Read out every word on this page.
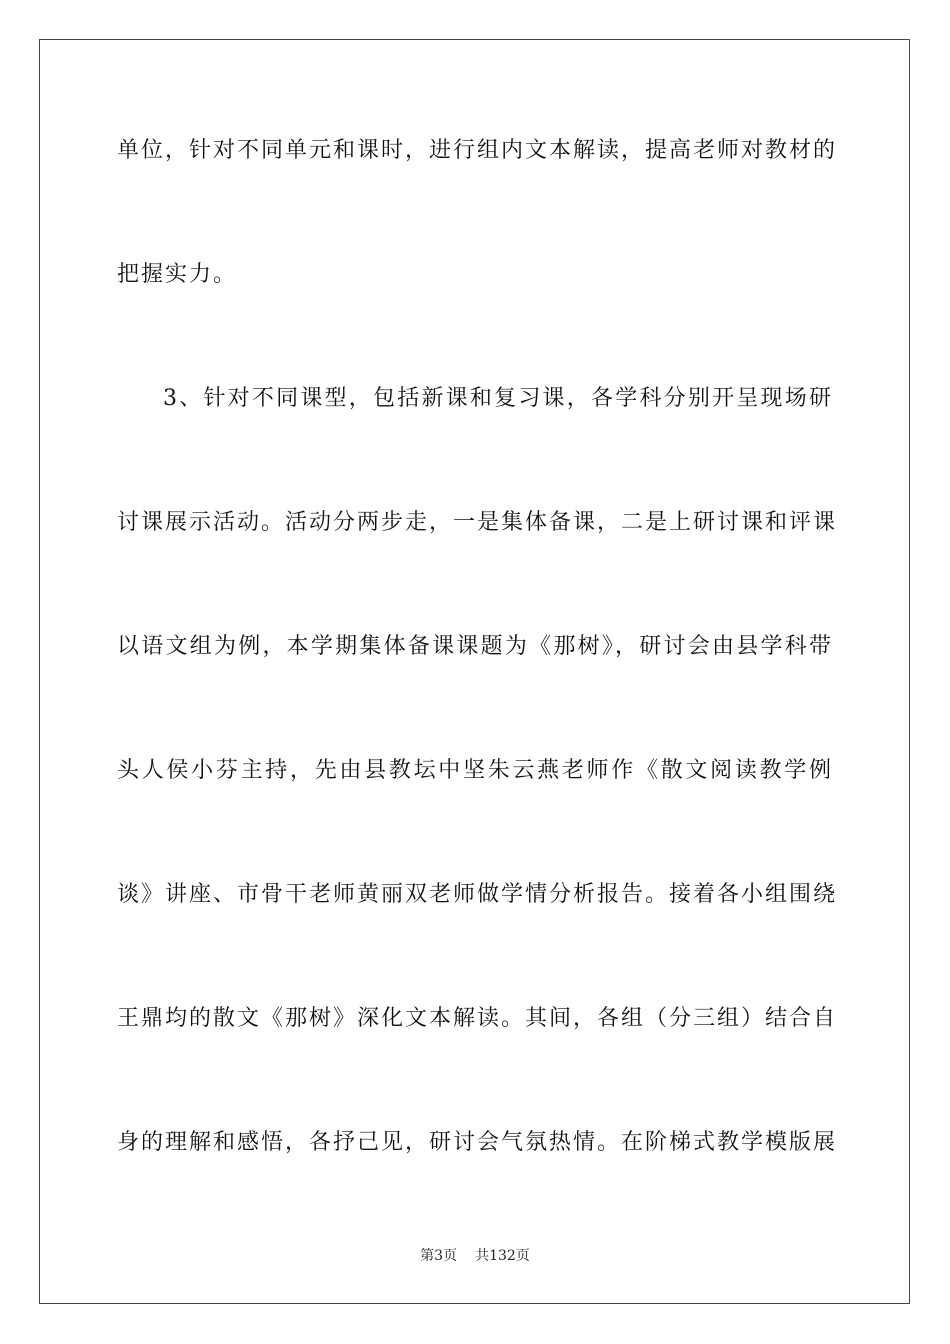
单位，针对不同单元和课时，进行组内文本解读，提高老师对教材的
把握实力。
3、针对不同课型，包括新课和复习课，各学科分别开呈现场研
讨课展示活动。活动分两步走，一是集体备课，二是上研讨课和评课
以语文组为例，本学期集体备课课题为《那树》，研讨会由县学科带
头人侯小芬主持，先由县教坛中坚朱云燕老师作《散文阅读教学例
谈》讲座、市骨干老师黄丽双老师做学情分析报告。接着各小组围绕
王鼎均的散文《那树》深化文本解读。其间，各组（分三组）结合自
身的理解和感悟，各抒己见，研讨会气氛热情。在阶梯式教学模版展
第3页 共132页
